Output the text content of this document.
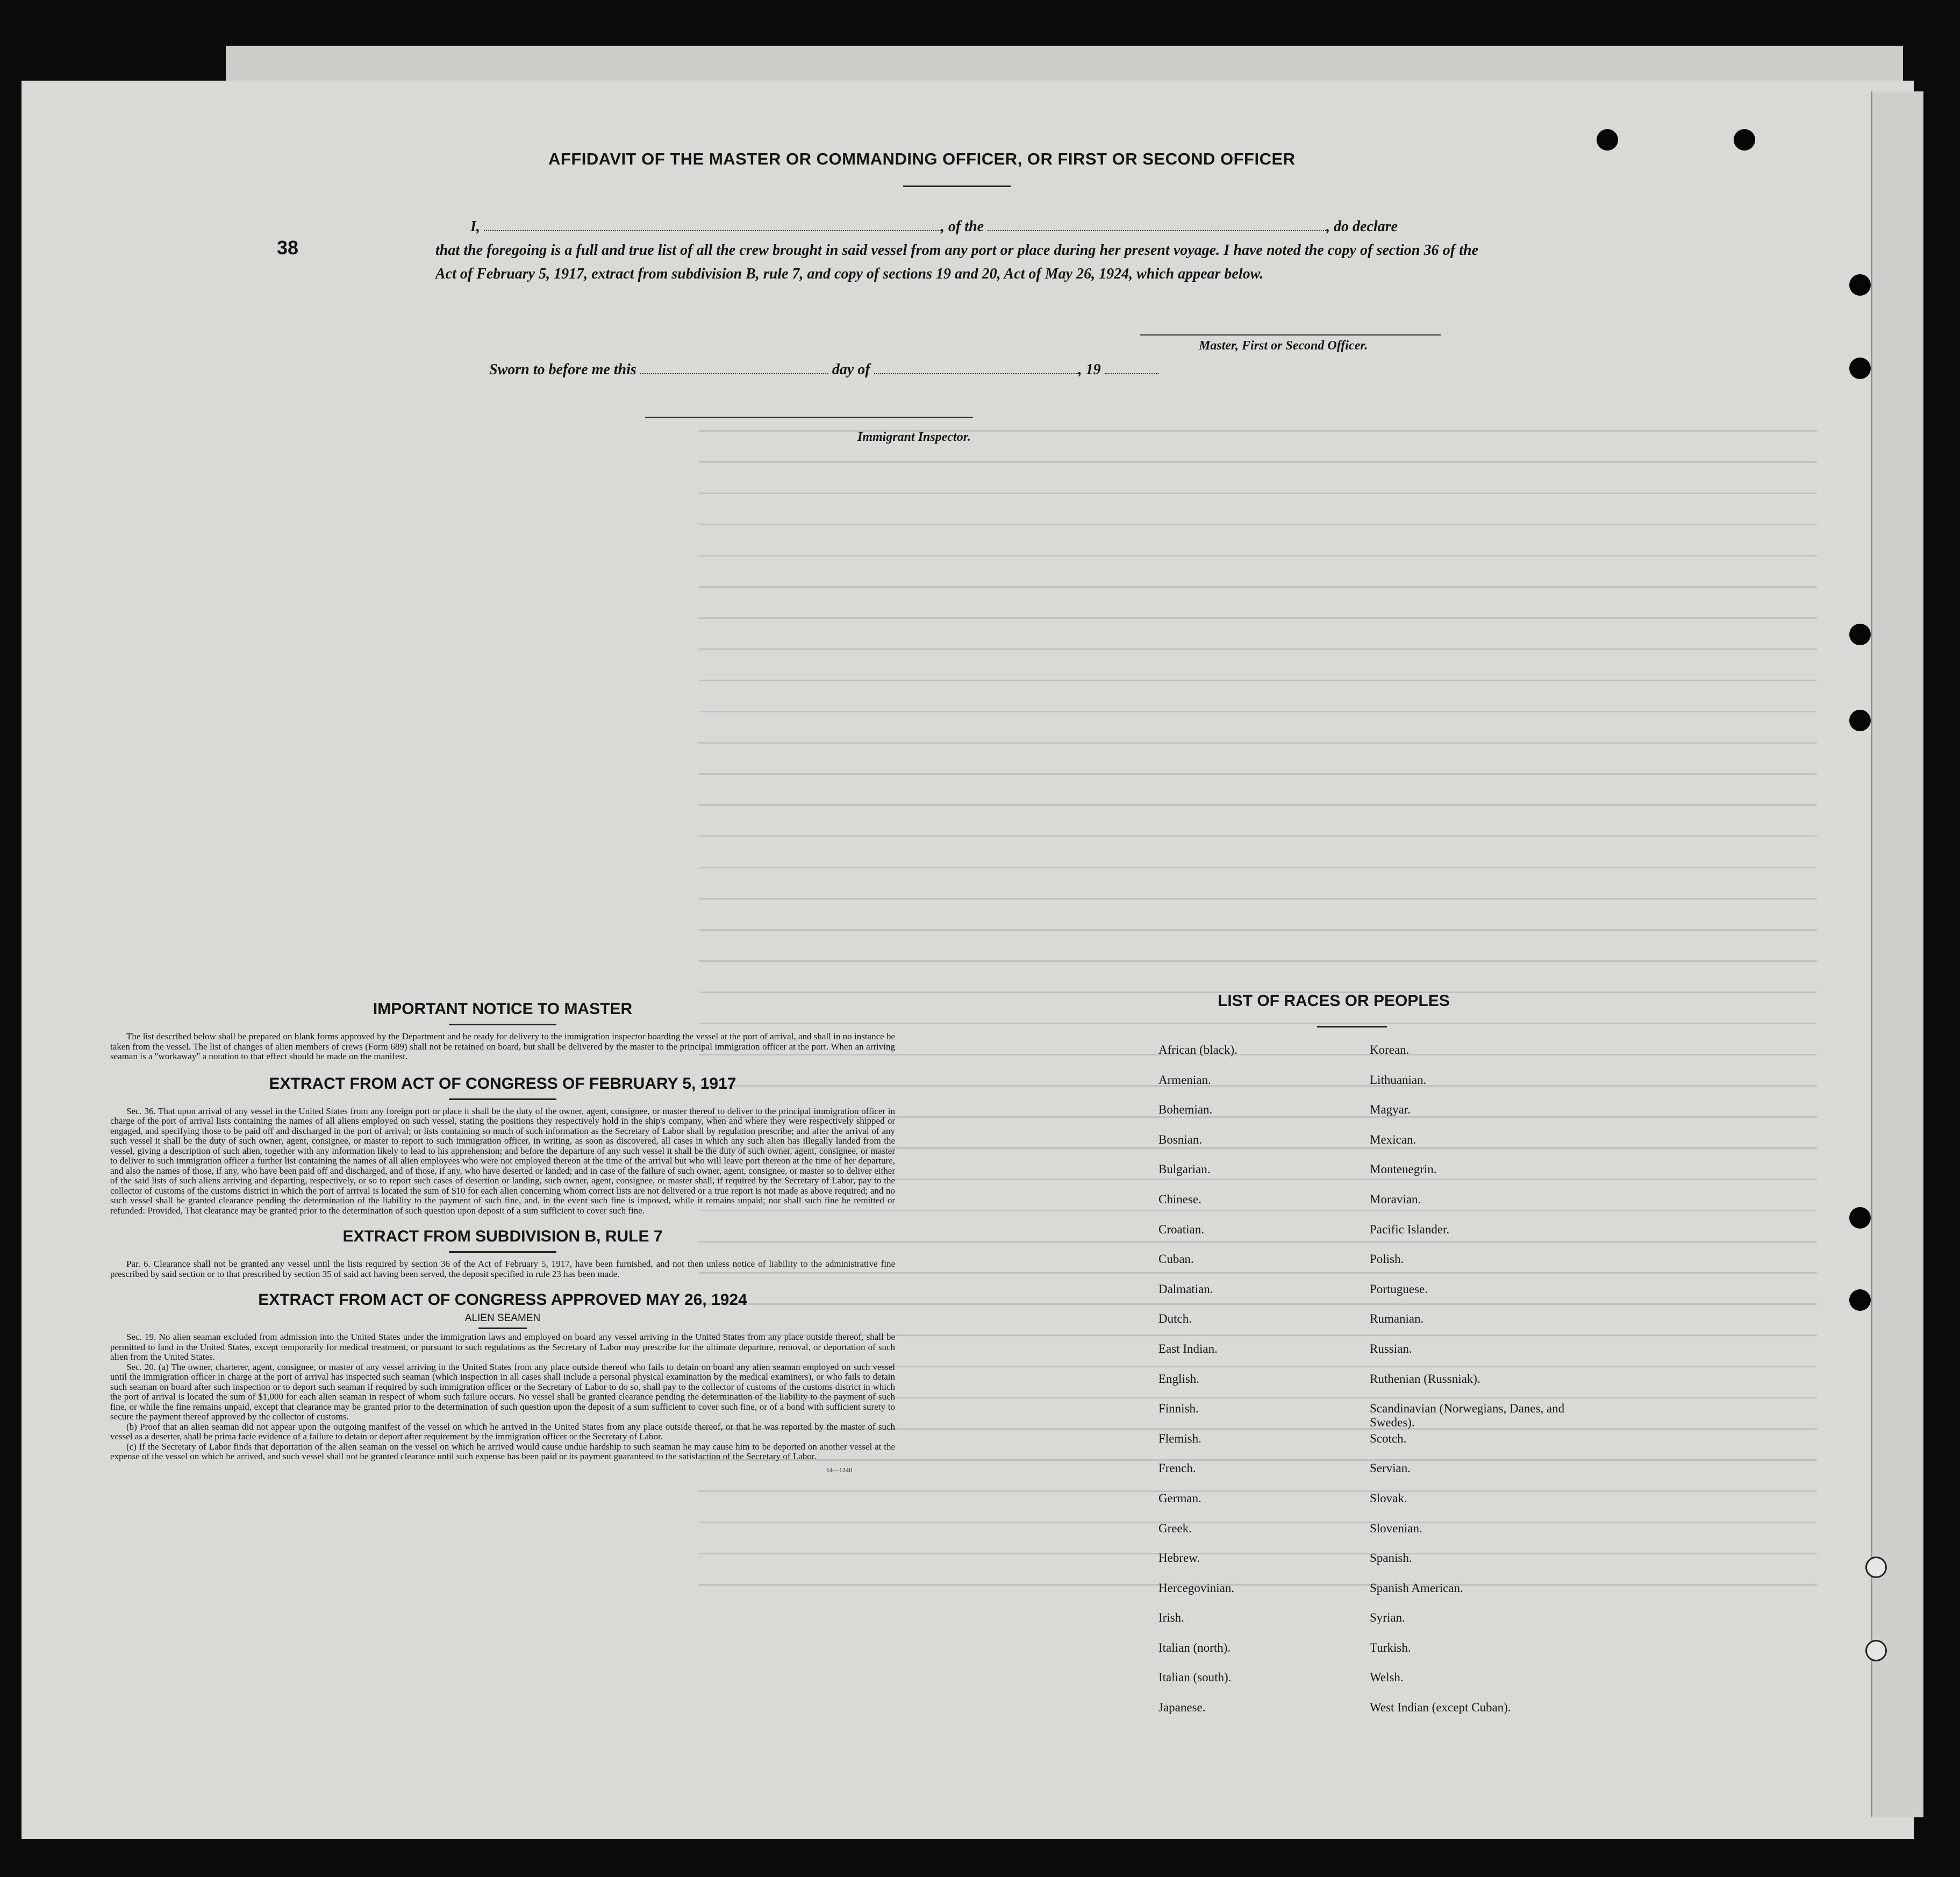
AFFIDAVIT OF THE MASTER OR COMMANDING OFFICER, OR FIRST OR SECOND OFFICER
38

I,	, of the	, do declare

that the foregoing is a full and true list of all the crew brought in said vessel from any port or place during her present voyage. I have noted the copy of section 36 of the Act of February 5, 1917, extract from subdivision B, rule 7, and copy of sections 19 and 20, Act of May 26, 1924, which appear below.

Master, First or Second Officer.
Sworn to before me this	day of	, 19
Immigrant Inspector.
IMPORTANT NOTICE TO MASTER

The list described below shall be prepared on blank forms approved by the Department and be ready for delivery to the immigration inspector boarding the vessel at the port of arrival, and shall in no instance be taken from the vessel. The list of changes of alien members of crews (Form 689) shall not be retained on board, but shall be delivered by the master to the principal immigration officer at the port. When an arriving seaman is a "workaway" a notation to that effect should be made on the manifest.

EXTRACT FROM ACT OF CONGRESS OF FEBRUARY 5, 1917

Sec. 36. That upon arrival of any vessel in the United States from any foreign port or place it shall be the duty of the owner, agent, consignee, or master thereof to deliver to the principal immigration officer in charge of the port of arrival lists containing the names of all aliens employed on such vessel, stating the positions they respectively hold in the ship's company, when and where they were respectively shipped or engaged, and specifying those to be paid off and discharged in the port of arrival; or lists containing so much of such information as the Secretary of Labor shall by regulation prescribe; and after the arrival of any such vessel it shall be the duty of such owner, agent, consignee, or master to report to such immigration officer, in writing, as soon as discovered, all cases in which any such alien has illegally landed from the vessel, giving a description of such alien, together with any information likely to lead to his apprehension; and before the departure of any such vessel it shall be the duty of such owner, agent, consignee, or master to deliver to such immigration officer a further list containing the names of all alien employees who were not employed thereon at the time of the arrival but who will leave port thereon at the time of her departure, and also the names of those, if any, who have been paid off and discharged, and of those, if any, who have deserted or landed; and in case of the failure of such owner, agent, consignee, or master so to deliver either of the said lists of such aliens arriving and departing, respectively, or so to report such cases of desertion or landing, such owner, agent, consignee, or master shall, if required by the Secretary of Labor, pay to the collector of customs of the customs district in which the port of arrival is located the sum of $10 for each alien concerning whom correct lists are not delivered or a true report is not made as above required; and no such vessel shall be granted clearance pending the determination of the liability to the payment of such fine, and, in the event such fine is imposed, while it remains unpaid; nor shall such fine be remitted or refunded: Provided, That clearance may be granted prior to the determination of such question upon deposit of a sum sufficient to cover such fine.

EXTRACT FROM SUBDIVISION B, RULE 7

Par. 6. Clearance shall not be granted any vessel until the lists required by section 36 of the Act of February 5, 1917, have been furnished, and not then unless notice of liability to the administrative fine prescribed by said section or to that prescribed by section 35 of said act having been served, the deposit specified in rule 23 has been made.

EXTRACT FROM ACT OF CONGRESS APPROVED MAY 26, 1924
ALIEN SEAMEN

Sec. 19. No alien seaman excluded from admission into the United States under the immigration laws and employed on board any vessel arriving in the United States from any place outside thereof, shall be permitted to land in the United States, except temporarily for medical treatment, or pursuant to such regulations as the Secretary of Labor may prescribe for the ultimate departure, removal, or deportation of such alien from the United States.

Sec. 20. (a) The owner, charterer, agent, consignee, or master of any vessel arriving in the United States from any place outside thereof who fails to detain on board any alien seaman employed on such vessel until the immigration officer in charge at the port of arrival has inspected such seaman (which inspection in all cases shall include a personal physical examination by the medical examiners), or who fails to detain such seaman on board after such inspection or to deport such seaman if required by such immigration officer or the Secretary of Labor to do so, shall pay to the collector of customs of the customs district in which the port of arrival is located the sum of $1,000 for each alien seaman in respect of whom such failure occurs. No vessel shall be granted clearance pending the determination of the liability to the payment of such fine, or while the fine remains unpaid, except that clearance may be granted prior to the determination of such question upon the deposit of a sum sufficient to cover such fine, or of a bond with sufficient surety to secure the payment thereof approved by the collector of customs.

(b) Proof that an alien seaman did not appear upon the outgoing manifest of the vessel on which he arrived in the United States from any place outside thereof, or that he was reported by the master of such vessel as a deserter, shall be prima facie evidence of a failure to detain or deport after requirement by the immigration officer or the Secretary of Labor.

(c) If the Secretary of Labor finds that deportation of the alien seaman on the vessel on which he arrived would cause undue hardship to such seaman he may cause him to be deported on another vessel at the expense of the vessel on which he arrived, and such vessel shall not be granted clearance until such expense has been paid or its payment guaranteed to the satisfaction of the Secretary of Labor.

14—1240
LIST OF RACES OR PEOPLES
African (black).	Korean.
Armenian.	Lithuanian.
Bohemian.	Magyar.
Bosnian.	Mexican.
Bulgarian.	Montenegrin.
Chinese.	Moravian.
Croatian.	Pacific Islander.
Cuban.	Polish.
Dalmatian.	Portuguese.
Dutch.	Rumanian.
East Indian.	Russian.
English.	Ruthenian (Russniak).
Finnish.	Scandinavian (Norwegians, Danes, and Swedes).
Flemish.	Scotch.
French.	Servian.
German.	Slovak.
Greek.	Slovenian.
Hebrew.	Spanish.
Hercegovinian.	Spanish American.
Irish.	Syrian.
Italian (north).	Turkish.
Italian (south).	Welsh.
Japanese.	West Indian (except Cuban).
